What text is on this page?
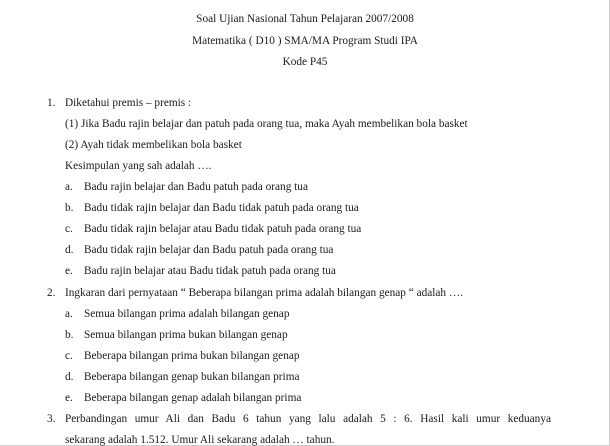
Soal Ujian Nasional Tahun Pelajaran 2007/2008
Matematika ( D10 ) SMA/MA Program Studi IPA
Kode P45
1. Diketahui premis – premis :
(1) Jika Badu rajin belajar dan patuh pada orang tua, maka Ayah membelikan bola basket
(2) Ayah tidak membelikan bola basket
Kesimpulan yang sah adalah ….
a. Badu rajin belajar dan Badu patuh pada orang tua
b. Badu tidak rajin belajar dan Badu tidak patuh pada orang tua
c. Badu tidak rajin belajar atau Badu tidak patuh pada orang tua
d. Badu tidak rajin belajar dan Badu patuh pada orang tua
e. Badu rajin belajar atau Badu tidak patuh pada orang tua
2. Ingkaran dari pernyataan “ Beberapa bilangan prima adalah bilangan genap “ adalah ….
a. Semua bilangan prima adalah bilangan genap
b. Semua bilangan prima bukan bilangan genap
c. Beberapa bilangan prima bukan bilangan genap
d. Beberapa bilangan genap bukan bilangan prima
e. Beberapa bilangan genap adalah bilangan prima
3. Perbandingan umur Ali dan Badu 6 tahun yang lalu adalah 5 : 6. Hasil kali umur keduanya
sekarang adalah 1.512. Umur Ali sekarang adalah … tahun.
